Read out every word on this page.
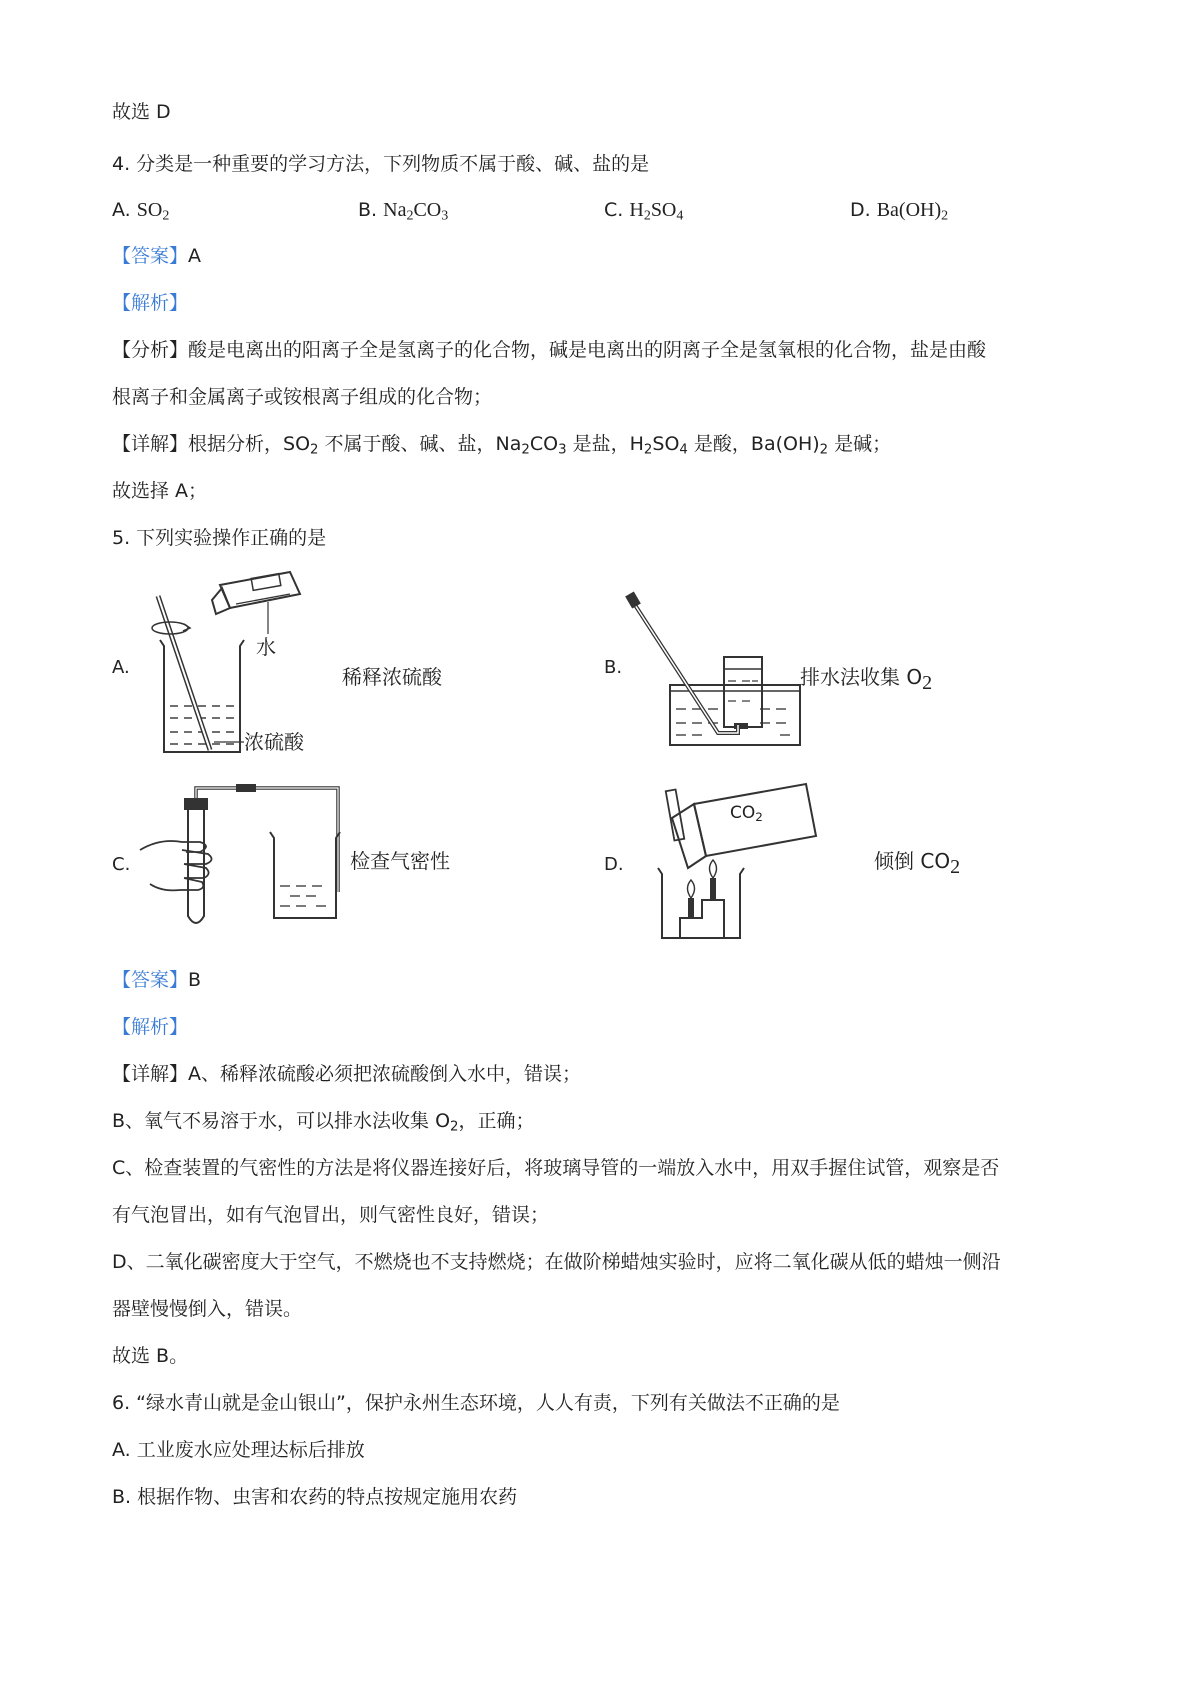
故选 D
4. 分类是一种重要的学习方法，下列物质不属于酸、碱、盐的是
A. $SO_2$	B. $Na_2CO_3$	C. $H_2SO_4$	D. $Ba(OH)_2$
【答案】A
【解析】
【分析】酸是电离出的阳离子全是氢离子的化合物，碱是电离出的阴离子全是氢氧根的化合物，盐是由酸
根离子和金属离子或铵根离子组成的化合物；
【详解】根据分析，$SO_2$ 不属于酸、碱、盐，$Na_2CO_3$ 是盐，$H_2SO_4$ 是酸，$Ba(OH)_2$ 是碱；
故选择 A；
5. 下列实验操作正确的是
A.
水
浓硫酸
稀释浓硫酸	B.	排水法收集 $O_2$
C.	检查气密性	D.
$CO_2$
倾倒 $CO_2$
【答案】B
【解析】
【详解】A、稀释浓硫酸必须把浓硫酸倒入水中，错误；
B、氧气不易溶于水，可以排水法收集 $O_2$，正确；
C、检查装置的气密性的方法是将仪器连接好后，将玻璃导管的一端放入水中，用双手握住试管，观察是否
有气泡冒出，如有气泡冒出，则气密性良好，错误；
D、二氧化碳密度大于空气，不燃烧也不支持燃烧；在做阶梯蜡烛实验时，应将二氧化碳从低的蜡烛一侧沿
器壁慢慢倒入，错误。
故选 B。
6. “绿水青山就是金山银山”，保护永州生态环境，人人有责，下列有关做法不正确的是
A. 工业废水应处理达标后排放
B. 根据作物、虫害和农药的特点按规定施用农药
